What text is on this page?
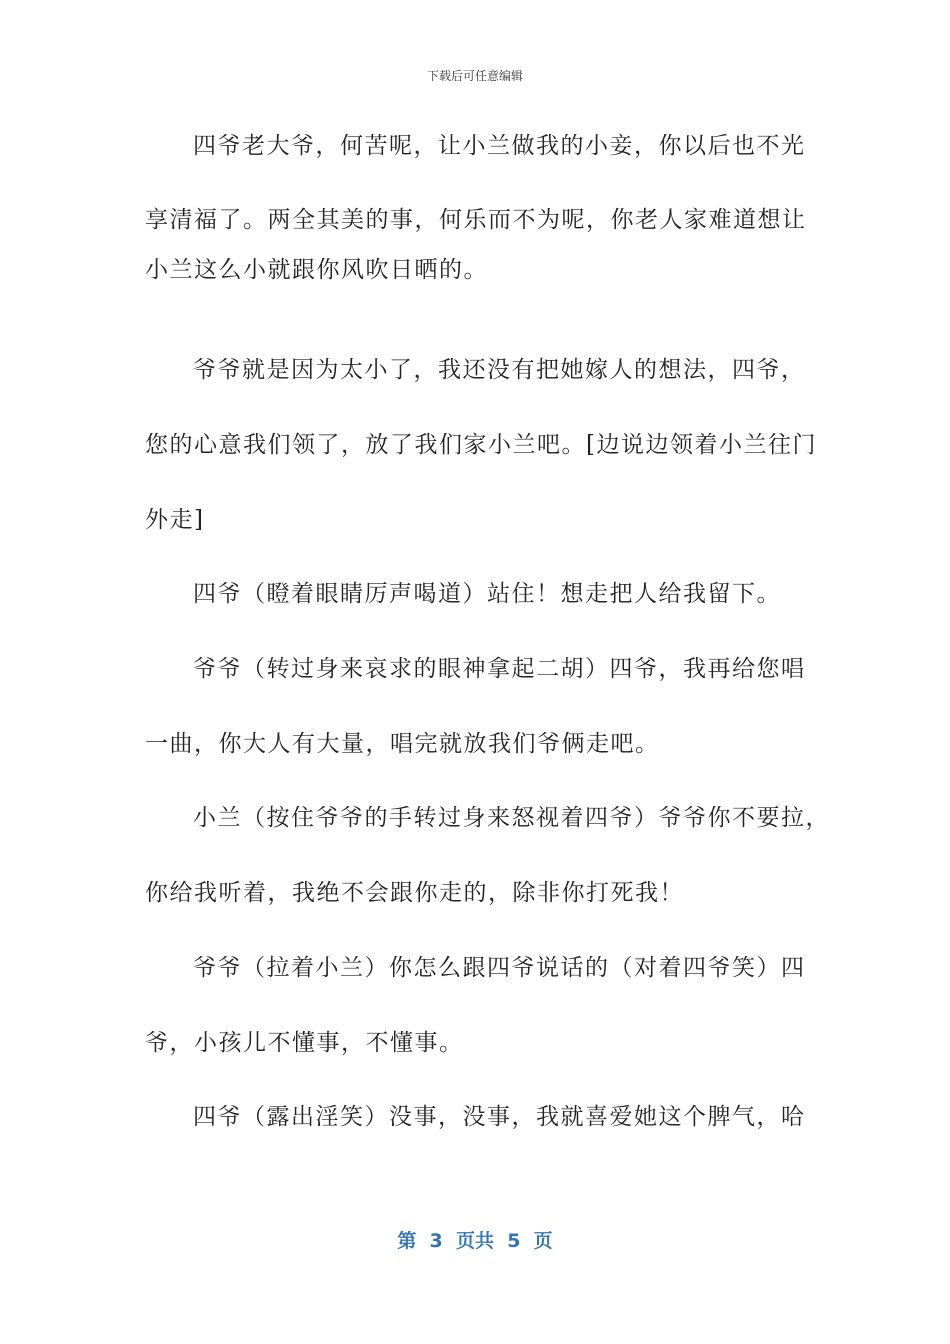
下载后可任意编辑
四爷老大爷，何苦呢，让小兰做我的小妾，你以后也不光
享清福了。两全其美的事，何乐而不为呢，你老人家难道想让
小兰这么小就跟你风吹日晒的。
爷爷就是因为太小了，我还没有把她嫁人的想法，四爷，
您的心意我们领了，放了我们家小兰吧。[边说边领着小兰往门
外走]
四爷（瞪着眼睛厉声喝道）站住！想走把人给我留下。
爷爷（转过身来哀求的眼神拿起二胡）四爷，我再给您唱
一曲，你大人有大量，唱完就放我们爷俩走吧。
小兰（按住爷爷的手转过身来怒视着四爷）爷爷你不要拉，
你给我听着，我绝不会跟你走的，除非你打死我！
爷爷（拉着小兰）你怎么跟四爷说话的（对着四爷笑）四
爷，小孩儿不懂事，不懂事。
四爷（露出淫笑）没事，没事，我就喜爱她这个脾气，哈
第  3  页共  5  页
